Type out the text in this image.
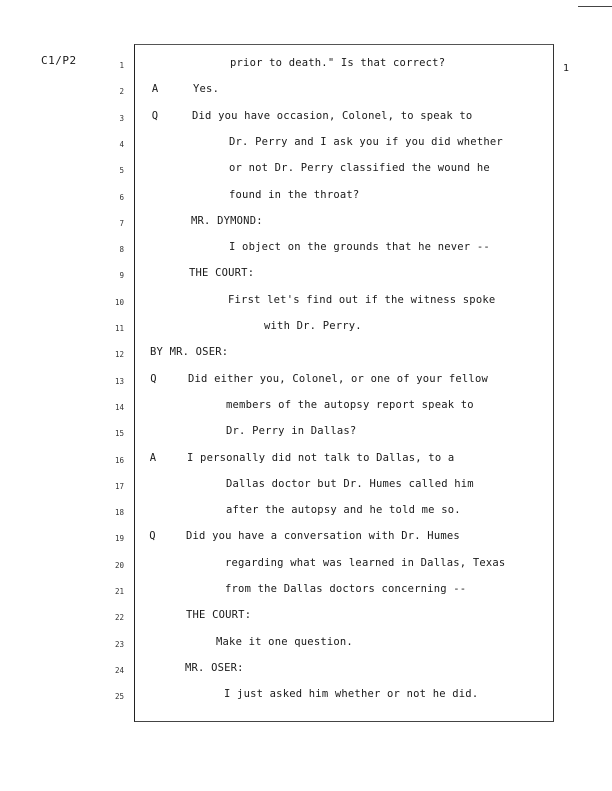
C1/P2
1
1	prior to death." Is that correct?
2	A	Yes.
3	Q	Did you have occasion, Colonel, to speak to
4	Dr. Perry and I ask you if you did whether
5	or not Dr. Perry classified the wound he
6	found in the throat?
7	MR. DYMOND:
8	I object on the grounds that he never --
9	THE COURT:
10	First let's find out if the witness spoke
11	with Dr. Perry.
12 BY MR. OSER:
13 Q	Did either you, Colonel, or one of your fellow
14	members of the autopsy report speak to
15	Dr. Perry in Dallas?
16 A	I personally did not talk to Dallas, to a
17	Dallas doctor but Dr. Humes called him
18	after the autopsy and he told me so.
19 Q	Did you have a conversation with Dr. Humes
20	regarding what was learned in Dallas, Texas
21	from the Dallas doctors concerning --
22	THE COURT:
23	Make it one question.
24	MR. OSER:
25	I just asked him whether or not he did.
